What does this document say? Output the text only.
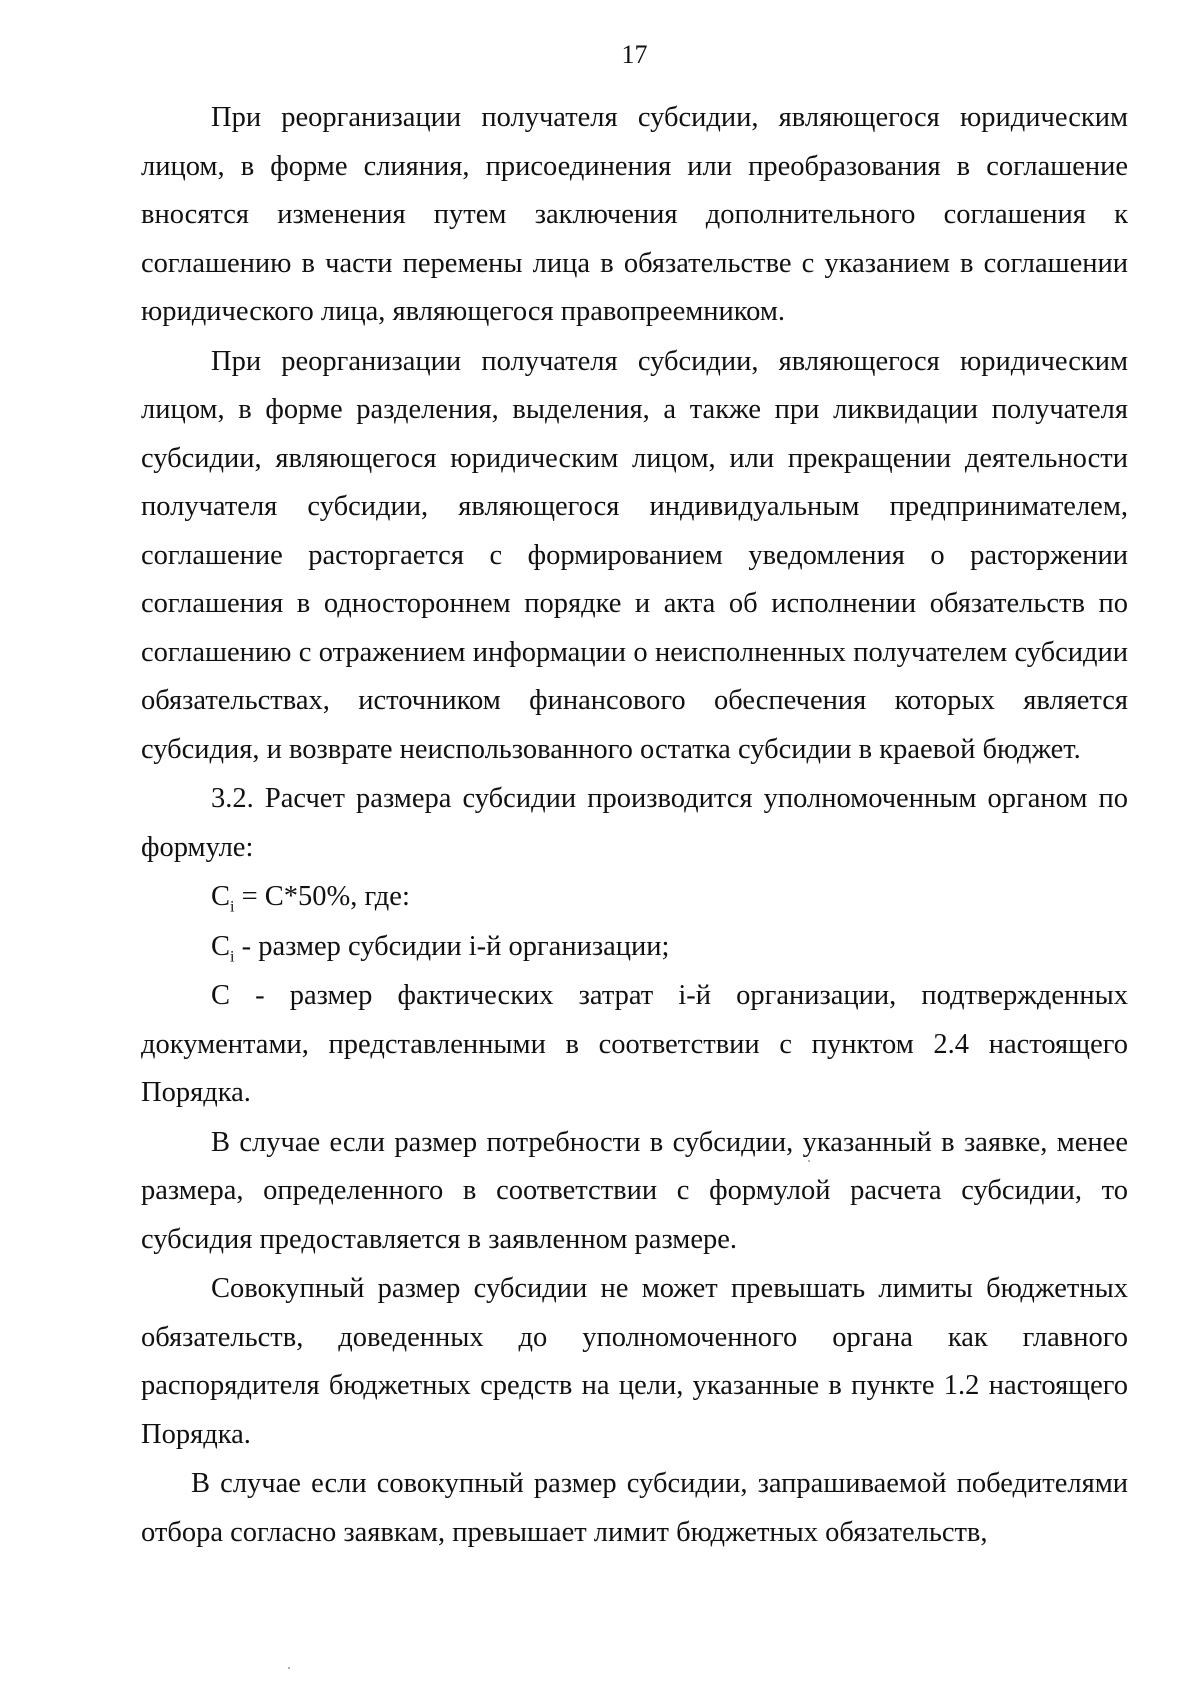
17

При реорганизации получателя субсидии, являющегося юридическим лицом, в форме слияния, присоединения или преобразования в соглашение вносятся изменения путем заключения дополнительного соглашения к соглашению в части перемены лица в обязательстве с указанием в соглашении юридического лица, являющегося правопреемником.

При реорганизации получателя субсидии, являющегося юридическим лицом, в форме разделения, выделения, а также при ликвидации получателя субсидии, являющегося юридическим лицом, или прекращении деятельности получателя субсидии, являющегося индивидуальным предпринимателем, соглашение расторгается с формированием уведомления о расторжении соглашения в одностороннем порядке и акта об исполнении обязательств по соглашению с отражением информации о неисполненных получателем субсидии обязательствах, источником финансового обеспечения которых является субсидия, и возврате неиспользованного остатка субсидии в краевой бюджет.

3.2. Расчет размера субсидии производится уполномоченным органом по формуле:

$С_i = С*50\%$, где:

$С_i$ - размер субсидии i-й организации;

С - размер фактических затрат i-й организации, подтвержденных документами, представленными в соответствии с пунктом 2.4 настоящего Порядка.

В случае если размер потребности в субсидии, указанный в заявке, менее размера, определенного в соответствии с формулой расчета субсидии, то субсидия предоставляется в заявленном размере.

Совокупный размер субсидии не может превышать лимиты бюджетных обязательств, доведенных до уполномоченного органа как главного распорядителя бюджетных средств на цели, указанные в пункте 1.2 настоящего Порядка.

В случае если совокупный размер субсидии, запрашиваемой победителями отбора согласно заявкам, превышает лимит бюджетных обязательств,
